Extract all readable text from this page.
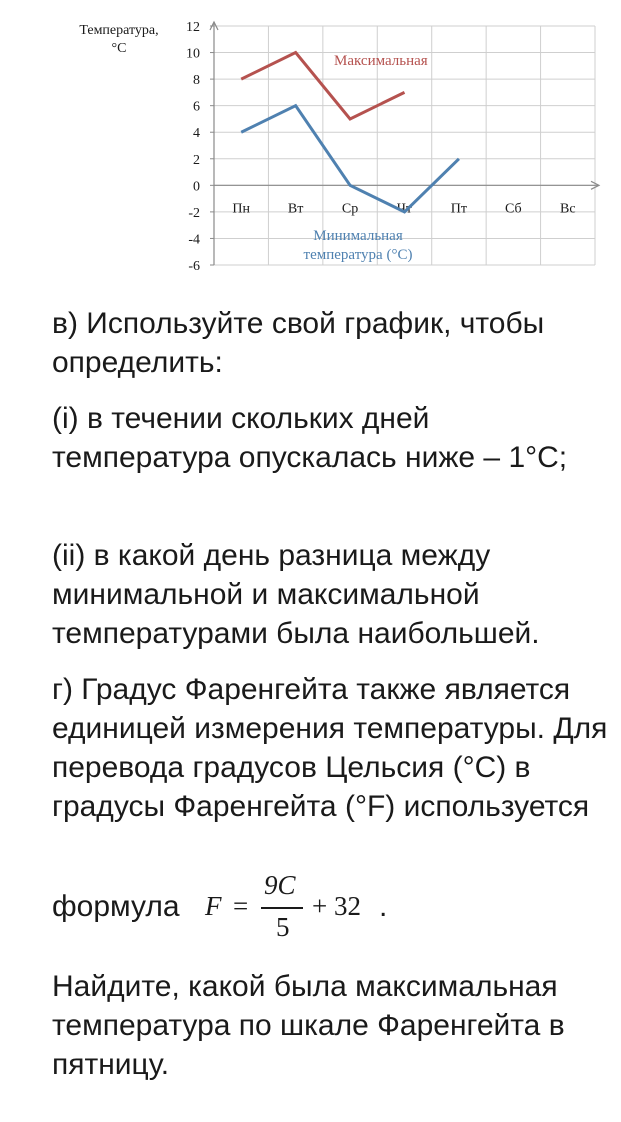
12
10
8
6
4
2
0
-2
-4
-6
Пн	Вт	Ср	Чт	Пт	Сб	Вс
Температура,
°C
Максимальная
Минимальная
температура (°C)

в) Используйте свой график, чтобы определить:

(i) в течении скольких дней температура опускалась ниже – 1°С;

(ii) в какой день разница между минимальной и максимальной температурами была наибольшей.

г) Градус Фаренгейта также является единицей измерения температуры. Для перевода градусов Цельсия (°С) в градусы Фаренгейта (°F) используется

формула F =
9C
5
+ 32 .

Найдите, какой была максимальная температура по шкале Фаренгейта в пятницу.
